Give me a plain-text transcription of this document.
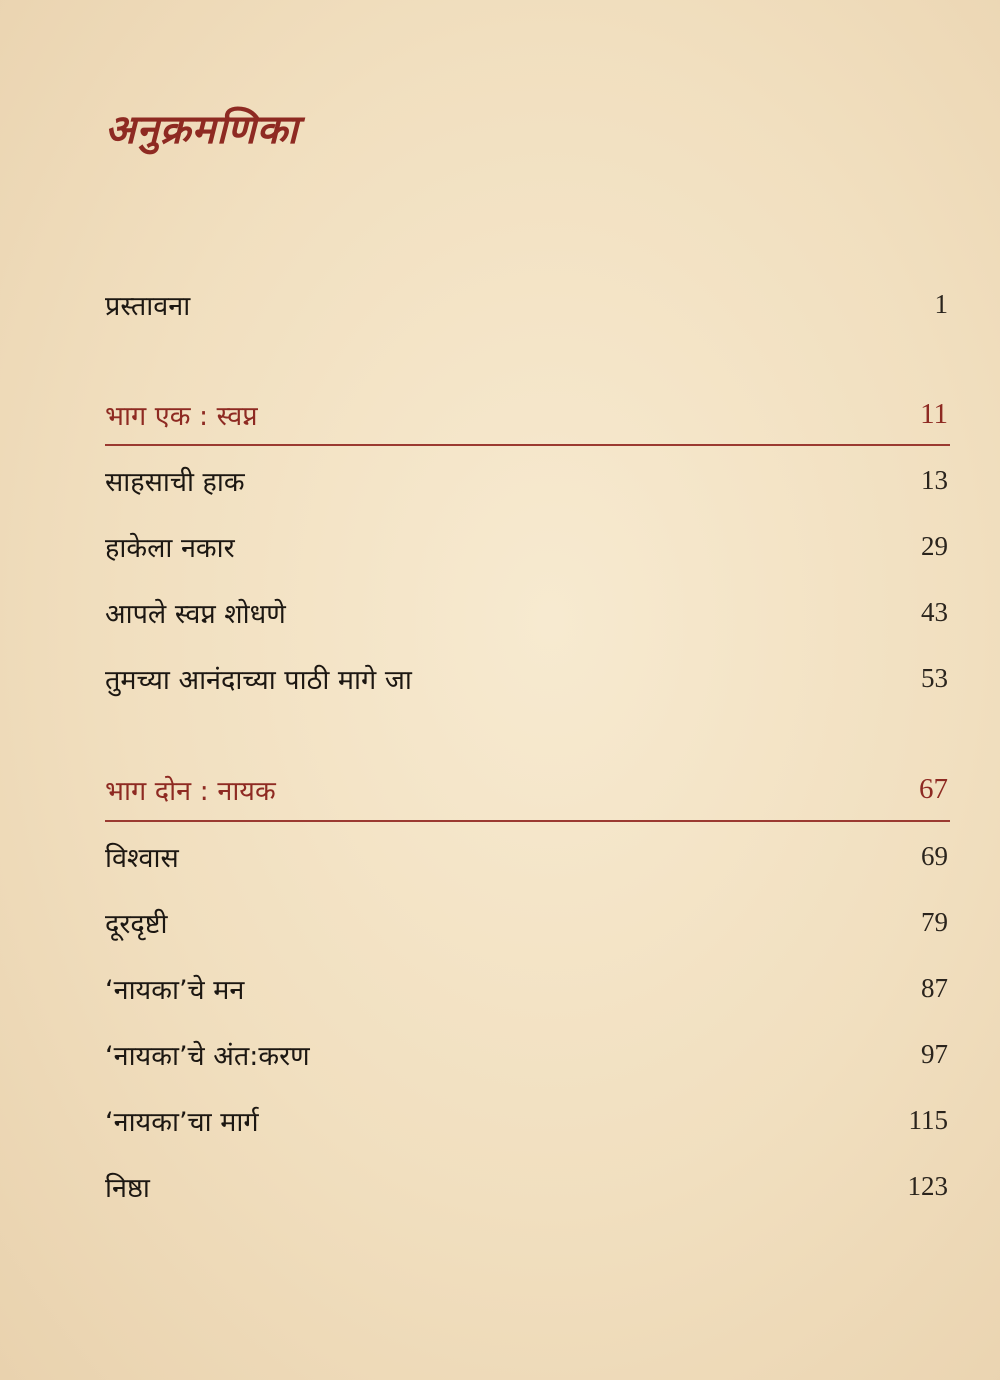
अनुक्रमणिका
प्रस्तावना	1
भाग एक : स्वप्न	11
साहसाची हाक	13
हाकेला नकार	29
आपले स्वप्न शोधणे	43
तुमच्या आनंदाच्या पाठी मागे जा	53
भाग दोन : नायक	67
विश्वास	69
दूरदृष्टी	79
‘नायका’चे मन	87
‘नायका’चे अंत:करण	97
‘नायका’चा मार्ग	115
निष्ठा	123
